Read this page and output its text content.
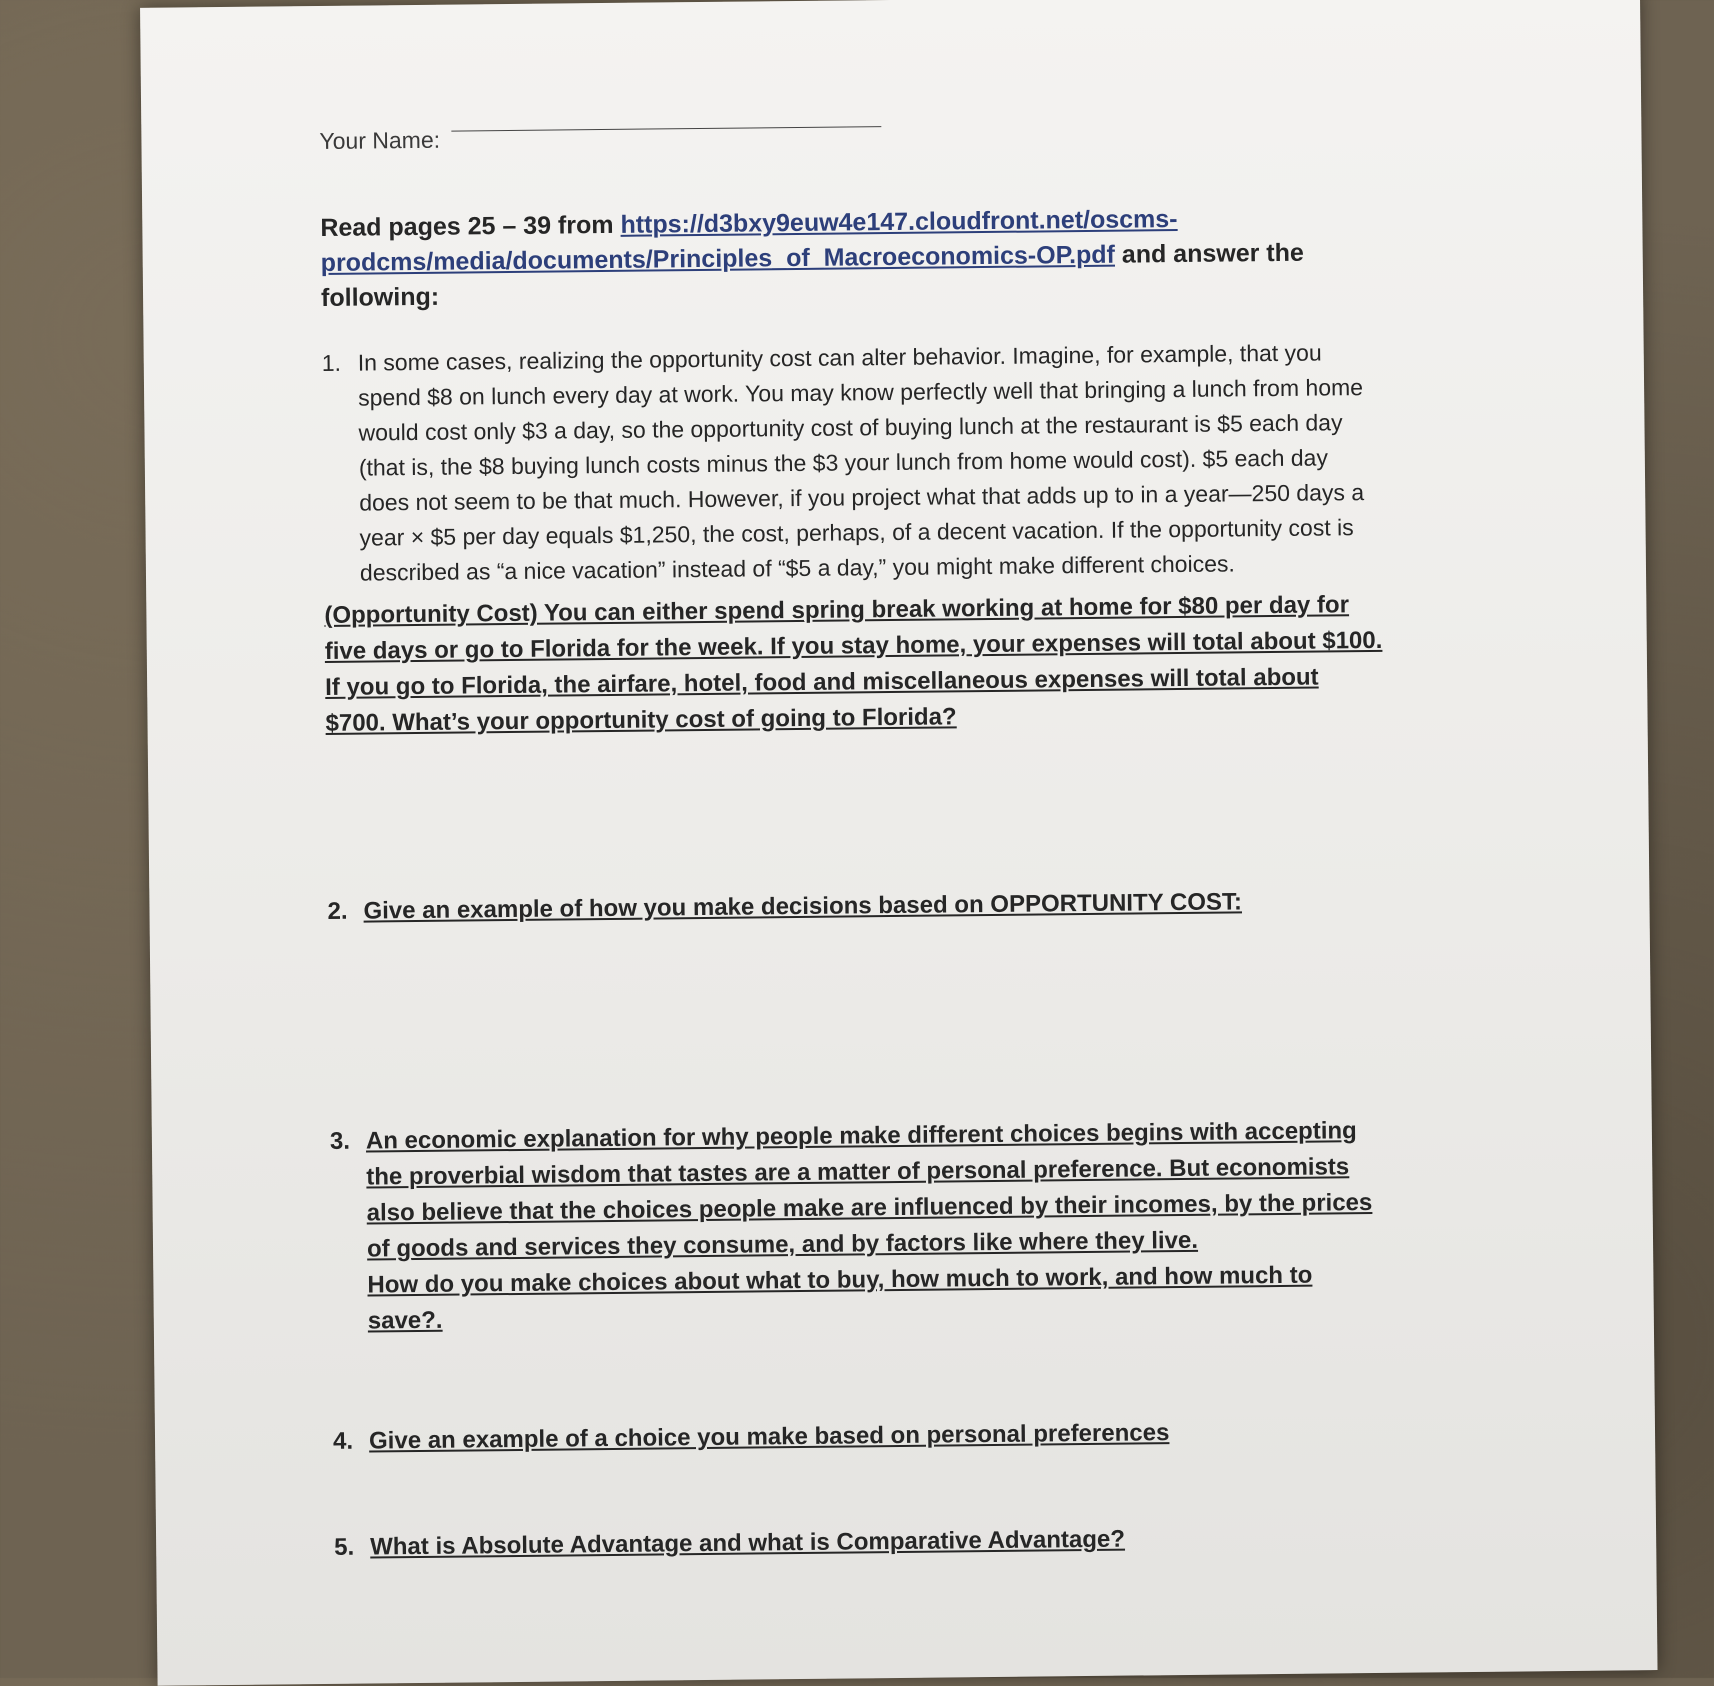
Your Name:
Read pages 25 – 39 from https://d3bxy9euw4e147.cloudfront.net/oscms-prodcms/media/documents/Principles_of_Macroeconomics-OP.pdf and answer the following:
1. In some cases, realizing the opportunity cost can alter behavior. Imagine, for example, that you spend $8 on lunch every day at work. You may know perfectly well that bringing a lunch from home would cost only $3 a day, so the opportunity cost of buying lunch at the restaurant is $5 each day (that is, the $8 buying lunch costs minus the $3 your lunch from home would cost). $5 each day does not seem to be that much. However, if you project what that adds up to in a year—250 days a year × $5 per day equals $1,250, the cost, perhaps, of a decent vacation. If the opportunity cost is described as “a nice vacation” instead of “$5 a day,” you might make different choices.
(Opportunity Cost) You can either spend spring break working at home for $80 per day for five days or go to Florida for the week. If you stay home, your expenses will total about $100. If you go to Florida, the airfare, hotel, food and miscellaneous expenses will total about $700. What’s your opportunity cost of going to Florida?
2. Give an example of how you make decisions based on OPPORTUNITY COST:
3. An economic explanation for why people make different choices begins with accepting the proverbial wisdom that tastes are a matter of personal preference. But economists also believe that the choices people make are influenced by their incomes, by the prices of goods and services they consume, and by factors like where they live.
How do you make choices about what to buy, how much to work, and how much to save?.
4. Give an example of a choice you make based on personal preferences
5. What is Absolute Advantage and what is Comparative Advantage?
